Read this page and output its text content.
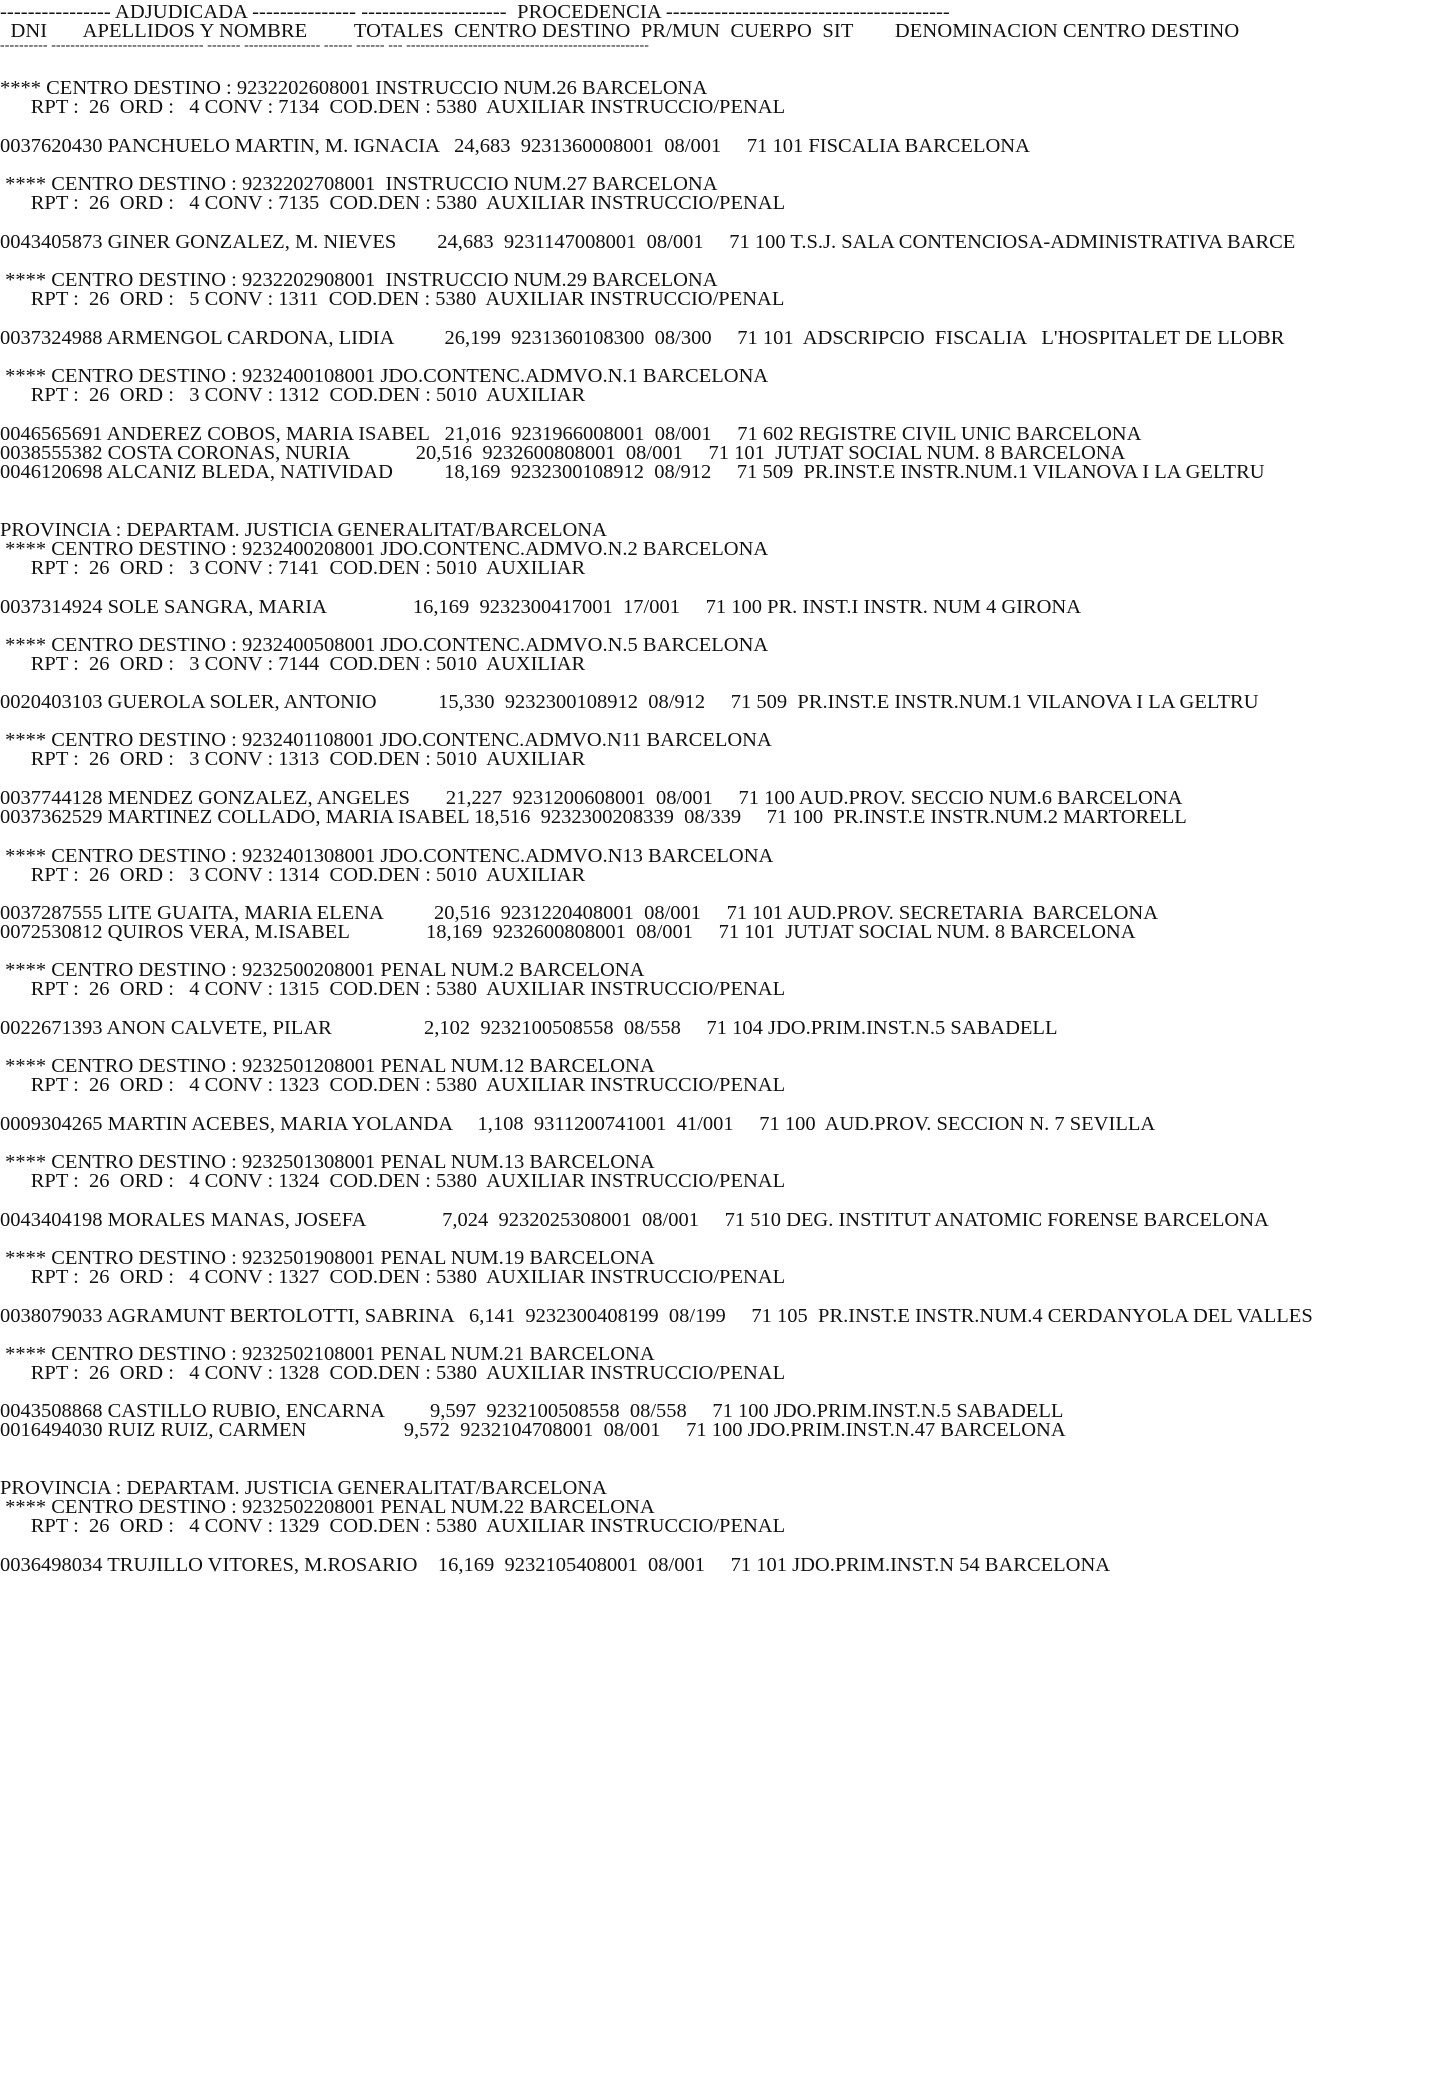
---------------- ADJUDICADA --------------- ---------------------  PROCEDENCIA -----------------------------------------
DNI       APELLIDOS Y NOMBRE         TOTALES  CENTRO DESTINO  PR/MUN  CUERPO  SIT        DENOMINACION CENTRO DESTINO
---------- -------------------------------- ------- ---------------- ------ ------ --- ---------------------------------------------------
**** CENTRO DESTINO : 9232202608001 INSTRUCCIO NUM.26 BARCELONA
RPT :  26  ORD :   4 CONV : 7134  COD.DEN : 5380  AUXILIAR INSTRUCCIO/PENAL
0037620430 PANCHUELO MARTIN, M. IGNACIA   24,683  9231360008001  08/001     71 101 FISCALIA BARCELONA
**** CENTRO DESTINO : 9232202708001  INSTRUCCIO NUM.27 BARCELONA
RPT :  26  ORD :   4 CONV : 7135  COD.DEN : 5380  AUXILIAR INSTRUCCIO/PENAL
0043405873 GINER GONZALEZ, M. NIEVES        24,683  9231147008001  08/001     71 100 T.S.J. SALA CONTENCIOSA-ADMINISTRATIVA BARCE
**** CENTRO DESTINO : 9232202908001  INSTRUCCIO NUM.29 BARCELONA
RPT :  26  ORD :   5 CONV : 1311  COD.DEN : 5380  AUXILIAR INSTRUCCIO/PENAL
0037324988 ARMENGOL CARDONA, LIDIA          26,199  9231360108300  08/300     71 101  ADSCRIPCIO  FISCALIA   L'HOSPITALET DE LLOBR
**** CENTRO DESTINO : 9232400108001 JDO.CONTENC.ADMVO.N.1 BARCELONA
RPT :  26  ORD :   3 CONV : 1312  COD.DEN : 5010  AUXILIAR
0046565691 ANDEREZ COBOS, MARIA ISABEL   21,016  9231966008001  08/001     71 602 REGISTRE CIVIL UNIC BARCELONA
0038555382 COSTA CORONAS, NURIA             20,516  9232600808001  08/001     71 101  JUTJAT SOCIAL NUM. 8 BARCELONA
0046120698 ALCANIZ BLEDA, NATIVIDAD          18,169  9232300108912  08/912     71 509  PR.INST.E INSTR.NUM.1 VILANOVA I LA GELTRU
PROVINCIA : DEPARTAM. JUSTICIA GENERALITAT/BARCELONA
**** CENTRO DESTINO : 9232400208001 JDO.CONTENC.ADMVO.N.2 BARCELONA
RPT :  26  ORD :   3 CONV : 7141  COD.DEN : 5010  AUXILIAR
0037314924 SOLE SANGRA, MARIA                 16,169  9232300417001  17/001     71 100 PR. INST.I INSTR. NUM 4 GIRONA
**** CENTRO DESTINO : 9232400508001 JDO.CONTENC.ADMVO.N.5 BARCELONA
RPT :  26  ORD :   3 CONV : 7144  COD.DEN : 5010  AUXILIAR
0020403103 GUEROLA SOLER, ANTONIO            15,330  9232300108912  08/912     71 509  PR.INST.E INSTR.NUM.1 VILANOVA I LA GELTRU
**** CENTRO DESTINO : 9232401108001 JDO.CONTENC.ADMVO.N11 BARCELONA
RPT :  26  ORD :   3 CONV : 1313  COD.DEN : 5010  AUXILIAR
0037744128 MENDEZ GONZALEZ, ANGELES       21,227  9231200608001  08/001     71 100 AUD.PROV. SECCIO NUM.6 BARCELONA
0037362529 MARTINEZ COLLADO, MARIA ISABEL 18,516  9232300208339  08/339     71 100  PR.INST.E INSTR.NUM.2 MARTORELL
**** CENTRO DESTINO : 9232401308001 JDO.CONTENC.ADMVO.N13 BARCELONA
RPT :  26  ORD :   3 CONV : 1314  COD.DEN : 5010  AUXILIAR
0037287555 LITE GUAITA, MARIA ELENA          20,516  9231220408001  08/001     71 101 AUD.PROV. SECRETARIA  BARCELONA
0072530812 QUIROS VERA, M.ISABEL               18,169  9232600808001  08/001     71 101  JUTJAT SOCIAL NUM. 8 BARCELONA
**** CENTRO DESTINO : 9232500208001 PENAL NUM.2 BARCELONA
RPT :  26  ORD :   4 CONV : 1315  COD.DEN : 5380  AUXILIAR INSTRUCCIO/PENAL
0022671393 ANON CALVETE, PILAR                  2,102  9232100508558  08/558     71 104 JDO.PRIM.INST.N.5 SABADELL
**** CENTRO DESTINO : 9232501208001 PENAL NUM.12 BARCELONA
RPT :  26  ORD :   4 CONV : 1323  COD.DEN : 5380  AUXILIAR INSTRUCCIO/PENAL
0009304265 MARTIN ACEBES, MARIA YOLANDA     1,108  9311200741001  41/001     71 100  AUD.PROV. SECCION N. 7 SEVILLA
**** CENTRO DESTINO : 9232501308001 PENAL NUM.13 BARCELONA
RPT :  26  ORD :   4 CONV : 1324  COD.DEN : 5380  AUXILIAR INSTRUCCIO/PENAL
0043404198 MORALES MANAS, JOSEFA               7,024  9232025308001  08/001     71 510 DEG. INSTITUT ANATOMIC FORENSE BARCELONA
**** CENTRO DESTINO : 9232501908001 PENAL NUM.19 BARCELONA
RPT :  26  ORD :   4 CONV : 1327  COD.DEN : 5380  AUXILIAR INSTRUCCIO/PENAL
0038079033 AGRAMUNT BERTOLOTTI, SABRINA   6,141  9232300408199  08/199     71 105  PR.INST.E INSTR.NUM.4 CERDANYOLA DEL VALLES
**** CENTRO DESTINO : 9232502108001 PENAL NUM.21 BARCELONA
RPT :  26  ORD :   4 CONV : 1328  COD.DEN : 5380  AUXILIAR INSTRUCCIO/PENAL
0043508868 CASTILLO RUBIO, ENCARNA         9,597  9232100508558  08/558     71 100 JDO.PRIM.INST.N.5 SABADELL
0016494030 RUIZ RUIZ, CARMEN                   9,572  9232104708001  08/001     71 100 JDO.PRIM.INST.N.47 BARCELONA
PROVINCIA : DEPARTAM. JUSTICIA GENERALITAT/BARCELONA
**** CENTRO DESTINO : 9232502208001 PENAL NUM.22 BARCELONA
RPT :  26  ORD :   4 CONV : 1329  COD.DEN : 5380  AUXILIAR INSTRUCCIO/PENAL
0036498034 TRUJILLO VITORES, M.ROSARIO    16,169  9232105408001  08/001     71 101 JDO.PRIM.INST.N 54 BARCELONA
